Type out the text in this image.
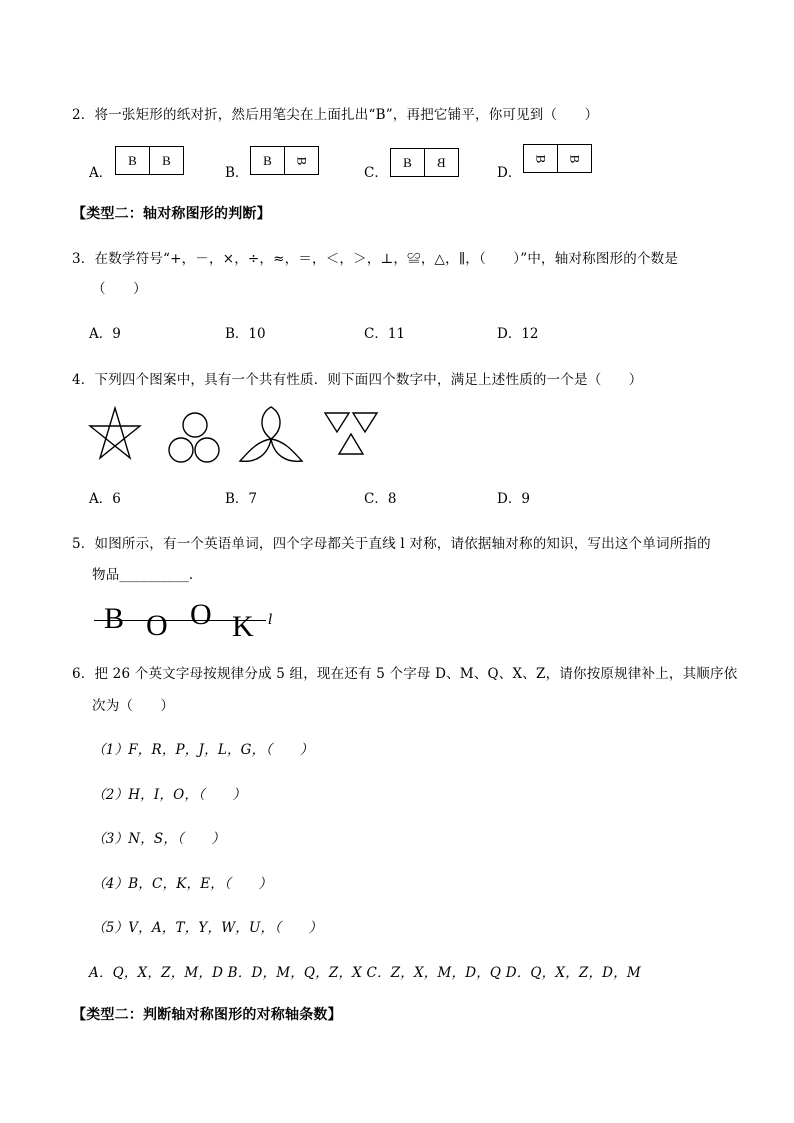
2．将一张矩形的纸对折，然后用笔尖在上面扎出“B”，再把它铺平，你可见到（　　）
A．
B	B
B．
B	B
C．
B	B
D．
B B
【类型二：轴对称图形的判断】
3．在数学符号“+，－，×，÷，≈，＝，＜，＞，⊥，≌，△，∥，（　　）”中，轴对称图形的个数是
（　　）
A．9	B．10	C．11	D．12
4．下列四个图案中，具有一个共有性质．则下面四个数字中，满足上述性质的一个是（　　）
A．6	B．7	C．8	D．9
5．如图所示，有一个英语单词，四个字母都关于直线 l 对称，请依据轴对称的知识，写出这个单词所指的
物品__________．
B O O K l
6．把 26 个英文字母按规律分成 5 组，现在还有 5 个字母 D、M、Q、X、Z，请你按原规律补上，其顺序依
次为（　　）
（1）F，R，P，J，L，G，（　　）
（2）H，I，O，（　　）
（3）N，S，（　　）
（4）B，C，K，E，（　　）
（5）V，A，T，Y，W，U，（　　）
A．Q，X，Z，M，D B．D，M，Q，Z，X C．Z，X，M，D，Q D．Q，X，Z，D，M
【类型二：判断轴对称图形的对称轴条数】
